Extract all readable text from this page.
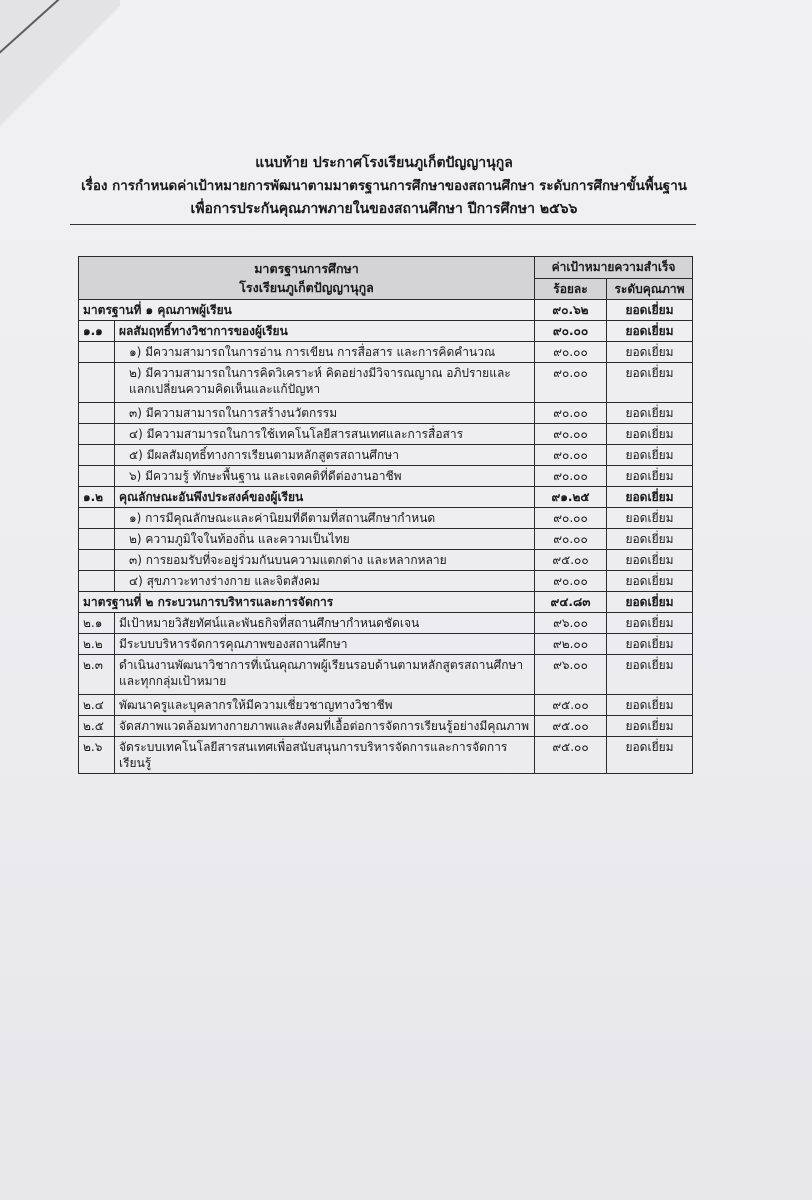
แนบท้าย ประกาศโรงเรียนภูเก็ตปัญญานุกูล
เรื่อง การกำหนดค่าเป้าหมายการพัฒนาตามมาตรฐานการศึกษาของสถานศึกษา ระดับการศึกษาขั้นพื้นฐาน
เพื่อการประกันคุณภาพภายในของสถานศึกษา ปีการศึกษา ๒๕๖๖
มาตรฐานการศึกษา
โรงเรียนภูเก็ตปัญญานุกูล		ค่าเป้าหมายความสำเร็จ	
		ร้อยละ	ระดับคุณภาพ
มาตรฐานที่ ๑ คุณภาพผู้เรียน		๙๐.๖๒	ยอดเยี่ยม
๑.๑	ผลสัมฤทธิ์ทางวิชาการของผู้เรียน	๙๐.๐๐	ยอดเยี่ยม
	๑) มีความสามารถในการอ่าน การเขียน การสื่อสาร และการคิดคำนวณ	๙๐.๐๐	ยอดเยี่ยม
	๒) มีความสามารถในการคิดวิเคราะห์ คิดอย่างมีวิจารณญาณ อภิปรายและแลกเปลี่ยนความคิดเห็นและแก้ปัญหา	๙๐.๐๐	ยอดเยี่ยม
	๓) มีความสามารถในการสร้างนวัตกรรม	๙๐.๐๐	ยอดเยี่ยม
	๔) มีความสามารถในการใช้เทคโนโลยีสารสนเทศและการสื่อสาร	๙๐.๐๐	ยอดเยี่ยม
	๕) มีผลสัมฤทธิ์ทางการเรียนตามหลักสูตรสถานศึกษา	๙๐.๐๐	ยอดเยี่ยม
	๖) มีความรู้ ทักษะพื้นฐาน และเจตคติที่ดีต่องานอาชีพ	๙๐.๐๐	ยอดเยี่ยม
๑.๒	คุณลักษณะอันพึงประสงค์ของผู้เรียน	๙๑.๒๕	ยอดเยี่ยม
	๑) การมีคุณลักษณะและค่านิยมที่ดีตามที่สถานศึกษากำหนด	๙๐.๐๐	ยอดเยี่ยม
	๒) ความภูมิใจในท้องถิ่น และความเป็นไทย	๙๐.๐๐	ยอดเยี่ยม
	๓) การยอมรับที่จะอยู่ร่วมกันบนความแตกต่าง และหลากหลาย	๙๕.๐๐	ยอดเยี่ยม
	๔) สุขภาวะทางร่างกาย และจิตสังคม	๙๐.๐๐	ยอดเยี่ยม
มาตรฐานที่ ๒ กระบวนการบริหารและการจัดการ		๙๔.๘๓	ยอดเยี่ยม
๒.๑	มีเป้าหมายวิสัยทัศน์และพันธกิจที่สถานศึกษากำหนดชัดเจน	๙๖.๐๐	ยอดเยี่ยม
๒.๒	มีระบบบริหารจัดการคุณภาพของสถานศึกษา	๙๒.๐๐	ยอดเยี่ยม
๒.๓	ดำเนินงานพัฒนาวิชาการที่เน้นคุณภาพผู้เรียนรอบด้านตามหลักสูตรสถานศึกษาและทุกกลุ่มเป้าหมาย	๙๖.๐๐	ยอดเยี่ยม
๒.๔	พัฒนาครูและบุคลากรให้มีความเชี่ยวชาญทางวิชาชีพ	๙๕.๐๐	ยอดเยี่ยม
๒.๕	จัดสภาพแวดล้อมทางกายภาพและสังคมที่เอื้อต่อการจัดการเรียนรู้อย่างมีคุณภาพ	๙๕.๐๐	ยอดเยี่ยม
๒.๖	จัดระบบเทคโนโลยีสารสนเทศเพื่อสนับสนุนการบริหารจัดการและการจัดการเรียนรู้	๙๕.๐๐	ยอดเยี่ยม
